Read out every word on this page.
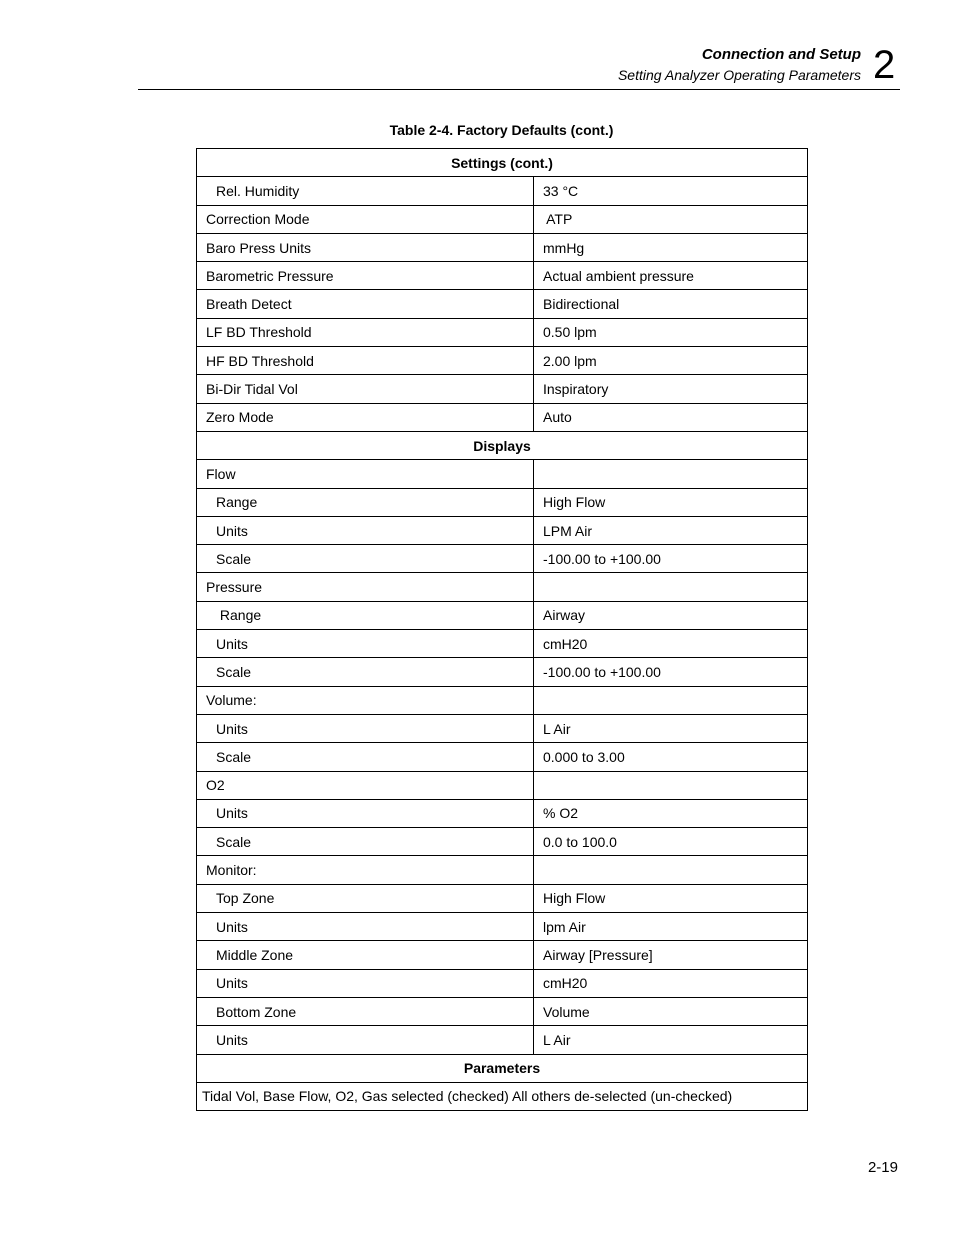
Connection and Setup
Setting Analyzer Operating Parameters 2
Table 2-4. Factory Defaults (cont.)
Settings (cont.)	
Rel. Humidity	33 °C
Correction Mode	ATP
Baro Press Units	mmHg
Barometric Pressure	Actual ambient pressure
Breath Detect	Bidirectional
LF BD Threshold	0.50 lpm
HF BD Threshold	2.00 lpm
Bi-Dir Tidal Vol	Inspiratory
Zero Mode	Auto
Displays	
Flow	
Range	High Flow
Units	LPM Air
Scale	-100.00 to +100.00
Pressure	
Range	Airway
Units	cmH20
Scale	-100.00 to +100.00
Volume:	
Units	L Air
Scale	0.000 to 3.00
O2	
Units	% O2
Scale	0.0 to 100.0
Monitor:	
Top Zone	High Flow
Units	lpm Air
Middle Zone	Airway [Pressure]
Units	cmH20
Bottom Zone	Volume
Units	L Air
Parameters	
Tidal Vol, Base Flow, O2, Gas selected (checked) All others de-selected (un-checked)	
2-19
